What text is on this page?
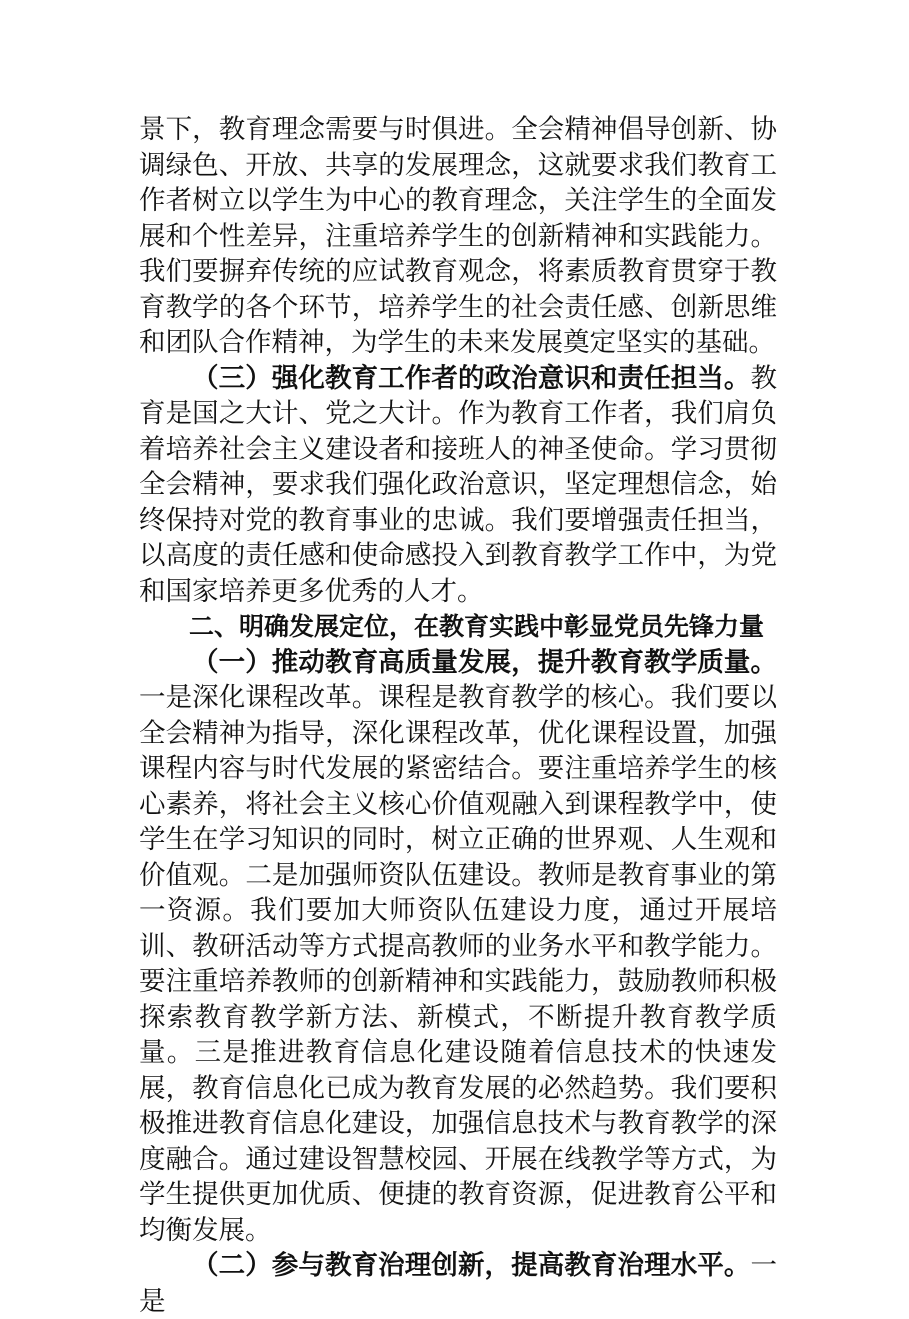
景下，教育理念需要与时俱进。全会精神倡导创新、协调绿色、开放、共享的发展理念，这就要求我们教育工作者树立以学生为中心的教育理念，关注学生的全面发展和个性差异，注重培养学生的创新精神和实践能力。我们要摒弃传统的应试教育观念，将素质教育贯穿于教育教学的各个环节，培养学生的社会责任感、创新思维和团队合作精神，为学生的未来发展奠定坚实的基础。

（三）强化教育工作者的政治意识和责任担当。教育是国之大计、党之大计。作为教育工作者，我们肩负着培养社会主义建设者和接班人的神圣使命。学习贯彻全会精神，要求我们强化政治意识，坚定理想信念，始终保持对党的教育事业的忠诚。我们要增强责任担当，以高度的责任感和使命感投入到教育教学工作中，为党和国家培养更多优秀的人才。

二、明确发展定位，在教育实践中彰显党员先锋力量

（一）推动教育高质量发展，提升教育教学质量。一是深化课程改革。课程是教育教学的核心。我们要以全会精神为指导，深化课程改革，优化课程设置，加强课程内容与时代发展的紧密结合。要注重培养学生的核心素养，将社会主义核心价值观融入到课程教学中，使学生在学习知识的同时，树立正确的世界观、人生观和价值观。二是加强师资队伍建设。教师是教育事业的第一资源。我们要加大师资队伍建设力度，通过开展培训、教研活动等方式提高教师的业务水平和教学能力。要注重培养教师的创新精神和实践能力，鼓励教师积极探索教育教学新方法、新模式，不断提升教育教学质量。三是推进教育信息化建设随着信息技术的快速发展，教育信息化已成为教育发展的必然趋势。我们要积极推进教育信息化建设，加强信息技术与教育教学的深度融合。通过建设智慧校园、开展在线教学等方式，为学生提供更加优质、便捷的教育资源，促进教育公平和均衡发展。

（二）参与教育治理创新，提高教育治理水平。一是
